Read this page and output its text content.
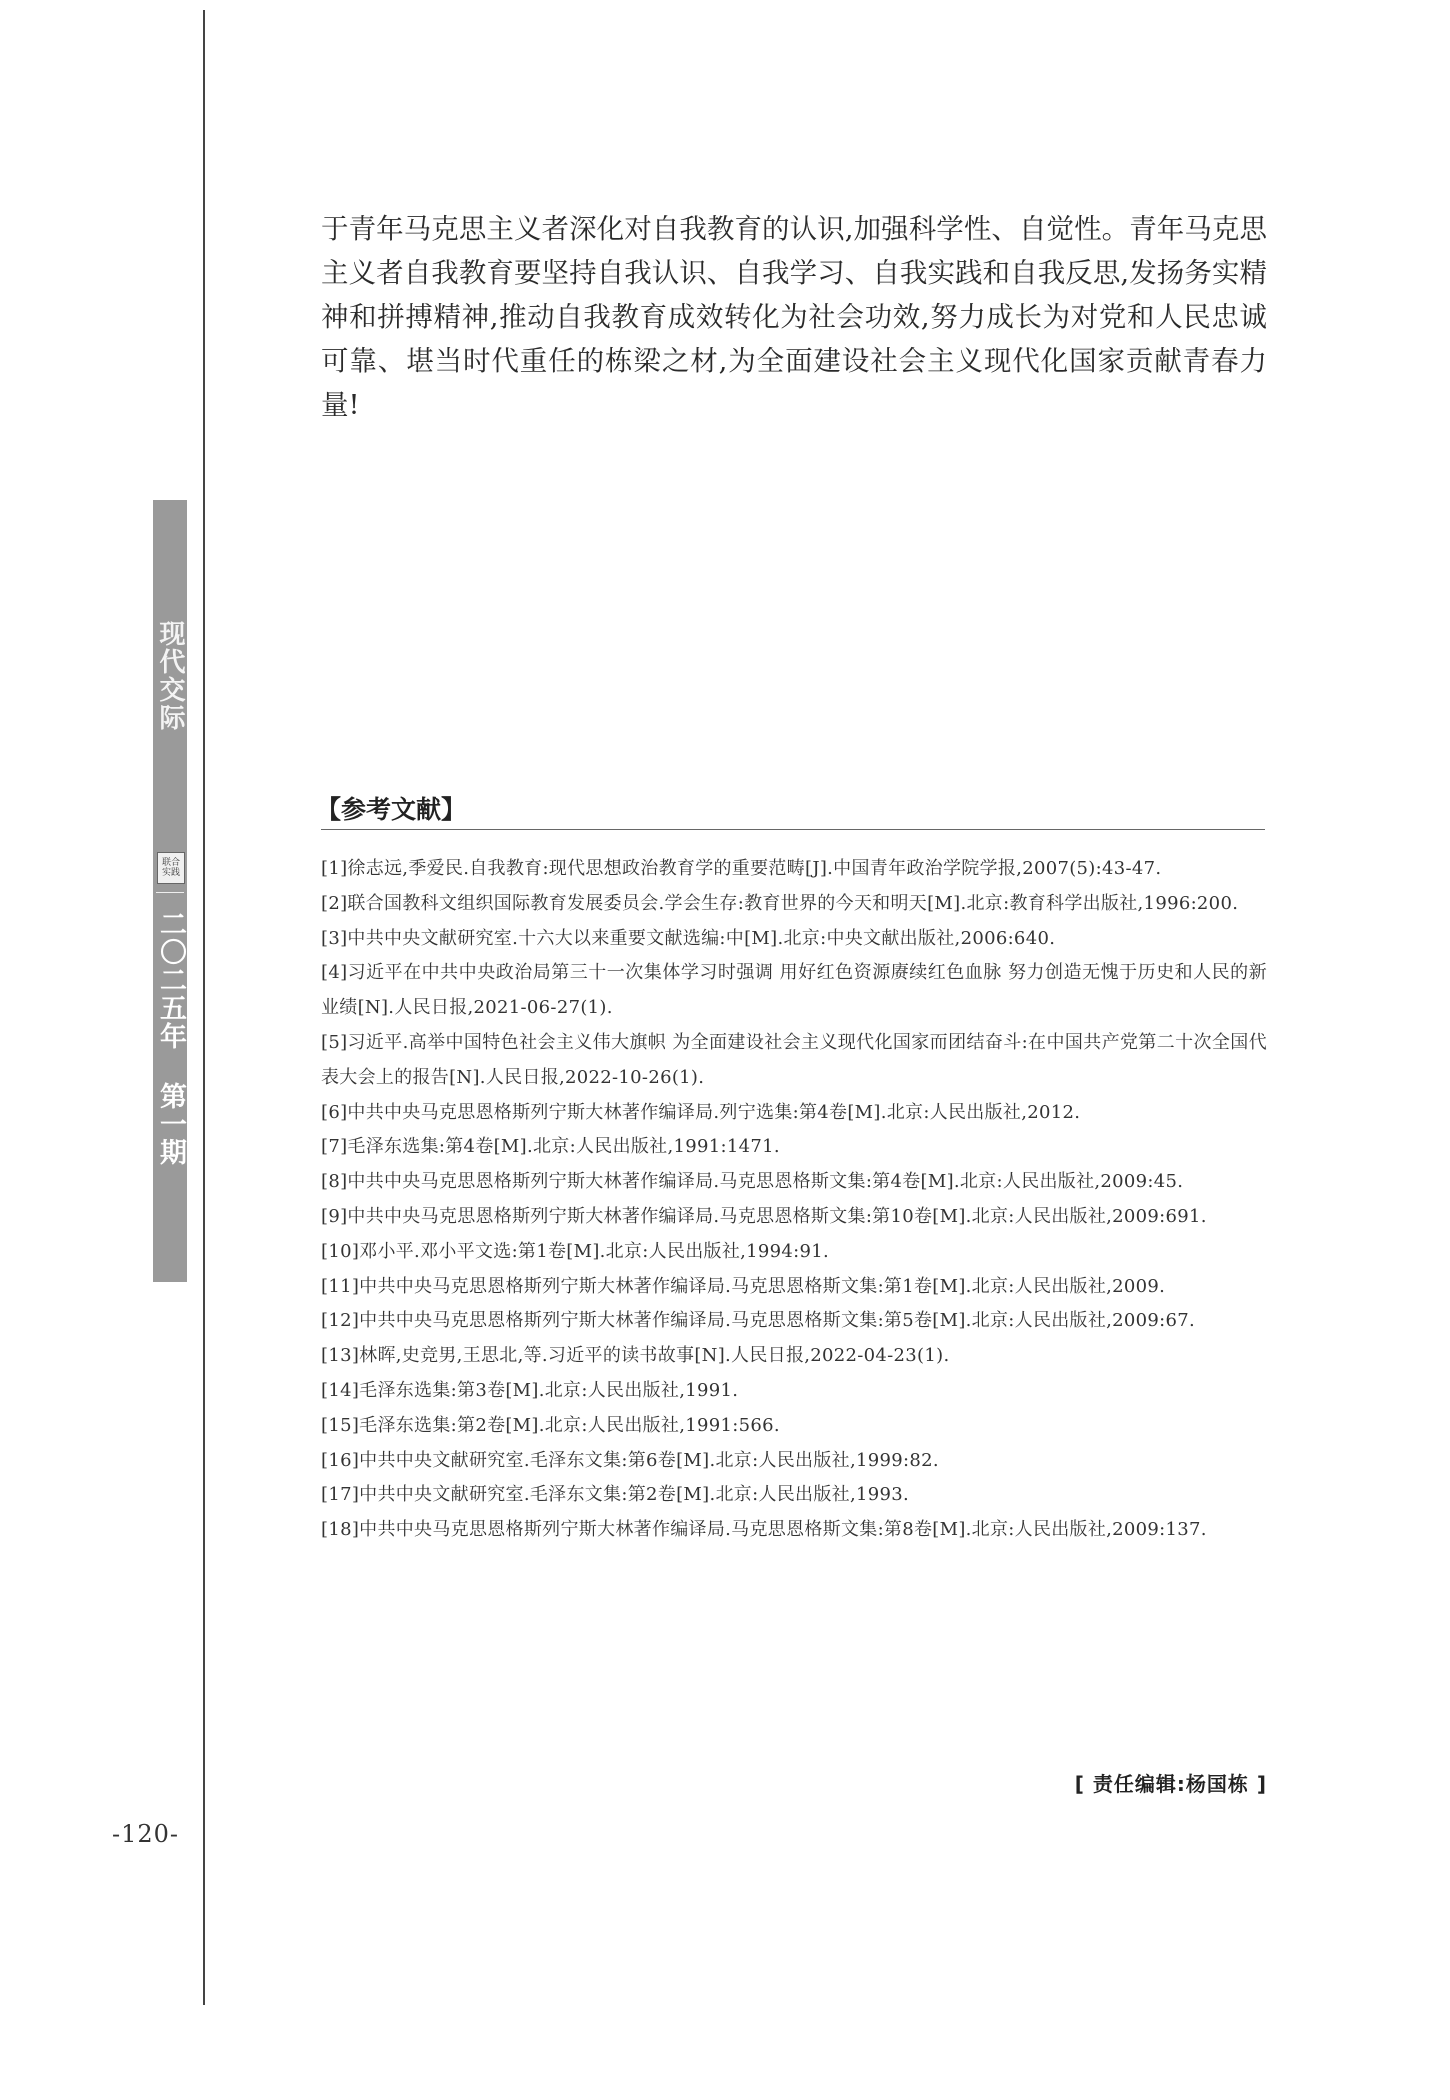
现代交际
联合实践
二〇二五年 第一期
-120-
于青年马克思主义者深化对自我教育的认识,加强科学性、自觉性。青年马克思主义者自我教育要坚持自我认识、自我学习、自我实践和自我反思,发扬务实精神和拼搏精神,推动自我教育成效转化为社会功效,努力成长为对党和人民忠诚可靠、堪当时代重任的栋梁之材,为全面建设社会主义现代化国家贡献青春力量!
【参考文献】

[1]徐志远,季爱民.自我教育:现代思想政治教育学的重要范畴[J].中国青年政治学院学报,2007(5):43-47.

[2]联合国教科文组织国际教育发展委员会.学会生存:教育世界的今天和明天[M].北京:教育科学出版社,1996:200.

[3]中共中央文献研究室.十六大以来重要文献选编:中[M].北京:中央文献出版社,2006:640.

[4]习近平在中共中央政治局第三十一次集体学习时强调 用好红色资源赓续红色血脉 努力创造无愧于历史和人民的新业绩[N].人民日报,2021-06-27(1).

[5]习近平.高举中国特色社会主义伟大旗帜 为全面建设社会主义现代化国家而团结奋斗:在中国共产党第二十次全国代表大会上的报告[N].人民日报,2022-10-26(1).

[6]中共中央马克思恩格斯列宁斯大林著作编译局.列宁选集:第4卷[M].北京:人民出版社,2012.

[7]毛泽东选集:第4卷[M].北京:人民出版社,1991:1471.

[8]中共中央马克思恩格斯列宁斯大林著作编译局.马克思恩格斯文集:第4卷[M].北京:人民出版社,2009:45.

[9]中共中央马克思恩格斯列宁斯大林著作编译局.马克思恩格斯文集:第10卷[M].北京:人民出版社,2009:691.

[10]邓小平.邓小平文选:第1卷[M].北京:人民出版社,1994:91.

[11]中共中央马克思恩格斯列宁斯大林著作编译局.马克思恩格斯文集:第1卷[M].北京:人民出版社,2009.

[12]中共中央马克思恩格斯列宁斯大林著作编译局.马克思恩格斯文集:第5卷[M].北京:人民出版社,2009:67.

[13]林晖,史竞男,王思北,等.习近平的读书故事[N].人民日报,2022-04-23(1).

[14]毛泽东选集:第3卷[M].北京:人民出版社,1991.

[15]毛泽东选集:第2卷[M].北京:人民出版社,1991:566.

[16]中共中央文献研究室.毛泽东文集:第6卷[M].北京:人民出版社,1999:82.

[17]中共中央文献研究室.毛泽东文集:第2卷[M].北京:人民出版社,1993.

[18]中共中央马克思恩格斯列宁斯大林著作编译局.马克思恩格斯文集:第8卷[M].北京:人民出版社,2009:137.

[ 责任编辑:杨国栋 ]
